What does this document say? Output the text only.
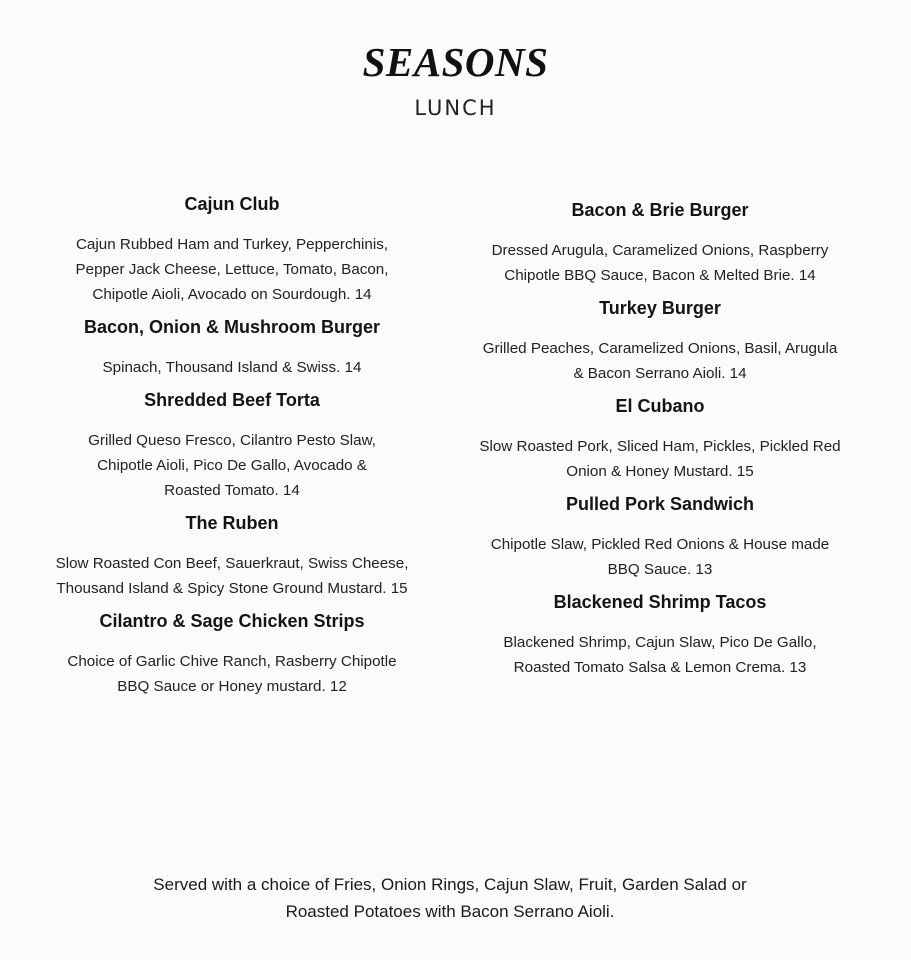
SEASONS
LUNCH
Cajun Club
Cajun Rubbed Ham and Turkey, Pepperchinis,
Pepper Jack Cheese, Lettuce, Tomato, Bacon,
Chipotle Aioli, Avocado on Sourdough. 14
Bacon, Onion & Mushroom Burger
Spinach, Thousand Island & Swiss. 14
Shredded Beef Torta
Grilled Queso Fresco, Cilantro Pesto Slaw,
Chipotle Aioli, Pico De Gallo, Avocado &
Roasted Tomato. 14
The Ruben
Slow Roasted Con Beef, Sauerkraut, Swiss Cheese,
Thousand Island & Spicy Stone Ground Mustard. 15
Cilantro & Sage Chicken Strips
Choice of Garlic Chive Ranch, Rasberry Chipotle
BBQ Sauce or Honey mustard. 12
Bacon & Brie Burger
Dressed Arugula, Caramelized Onions, Raspberry
Chipotle BBQ Sauce, Bacon & Melted Brie. 14
Turkey Burger
Grilled Peaches, Caramelized Onions, Basil, Arugula
& Bacon Serrano Aioli. 14
El Cubano
Slow Roasted Pork, Sliced Ham, Pickles, Pickled Red
Onion & Honey Mustard. 15
Pulled Pork Sandwich
Chipotle Slaw, Pickled Red Onions & House made
BBQ Sauce. 13
Blackened Shrimp Tacos
Blackened Shrimp, Cajun Slaw, Pico De Gallo,
Roasted Tomato Salsa & Lemon Crema. 13
Served with a choice of Fries, Onion Rings, Cajun Slaw, Fruit, Garden Salad or
Roasted Potatoes with Bacon Serrano Aioli.
